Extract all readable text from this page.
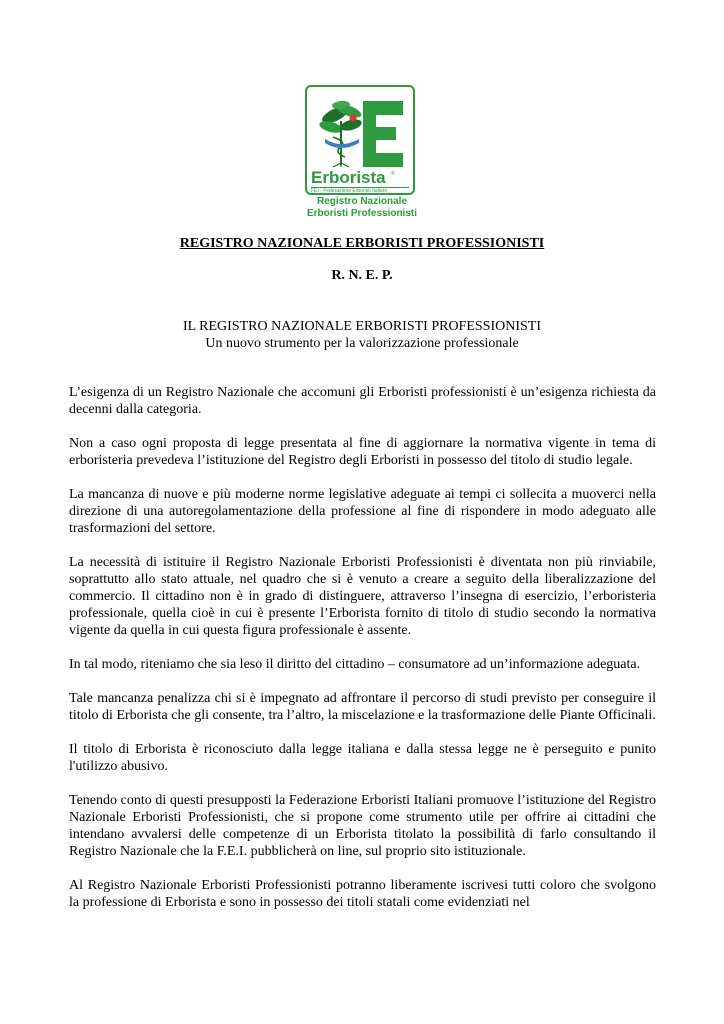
Erborista ®
FEI · Federazione Erboristi Italiani
Registro Nazionale
Erboristi Professionisti
REGISTRO NAZIONALE ERBORISTI PROFESSIONISTI
R. N. E. P.
IL REGISTRO NAZIONALE ERBORISTI PROFESSIONISTI
Un nuovo strumento per la valorizzazione professionale

L’esigenza di un Registro Nazionale che accomuni gli Erboristi professionisti è un’esigenza richiesta da decenni dalla categoria.

Non a caso ogni proposta di legge presentata al fine di aggiornare la normativa vigente in tema di erboristeria prevedeva l’istituzione del Registro degli Erboristi in possesso del titolo di studio legale.

La mancanza di nuove e più moderne norme legislative adeguate ai tempi ci sollecita a muoverci nella direzione di una autoregolamentazione della professione al fine di rispondere in modo adeguato alle trasformazioni del settore.

La necessità di istituire il Registro Nazionale Erboristi Professionisti è diventata non più rinviabile, soprattutto allo stato attuale, nel quadro che si è venuto a creare a seguito della liberalizzazione del commercio. Il cittadino non è in grado di distinguere, attraverso l’insegna di esercizio, l’erboristeria professionale, quella cioè in cui è presente l’Erborista fornito di titolo di studio secondo la normativa vigente da quella in cui questa figura professionale è assente.

In tal modo, riteniamo che sia leso il diritto del cittadino – consumatore ad un’informazione adeguata.

Tale mancanza penalizza chi si è impegnato ad affrontare il percorso di studi previsto per conseguire il titolo di Erborista che gli consente, tra l’altro, la miscelazione e la trasformazione delle Piante Officinali.

Il titolo di Erborista è riconosciuto dalla legge italiana e dalla stessa legge ne è perseguito e punito l'utilizzo abusivo.

Tenendo conto di questi presupposti la Federazione Erboristi Italiani promuove l’istituzione del Registro Nazionale Erboristi Professionisti, che si propone come strumento utile per offrire ai cittadini che intendano avvalersi delle competenze di un Erborista titolato la possibilità di farlo consultando il Registro Nazionale che la F.E.I. pubblicherà on line, sul proprio sito istituzionale.

Al Registro Nazionale Erboristi Professionisti potranno liberamente iscrivesi tutti coloro che svolgono la professione di Erborista e sono in possesso dei titoli statali come evidenziati nel
